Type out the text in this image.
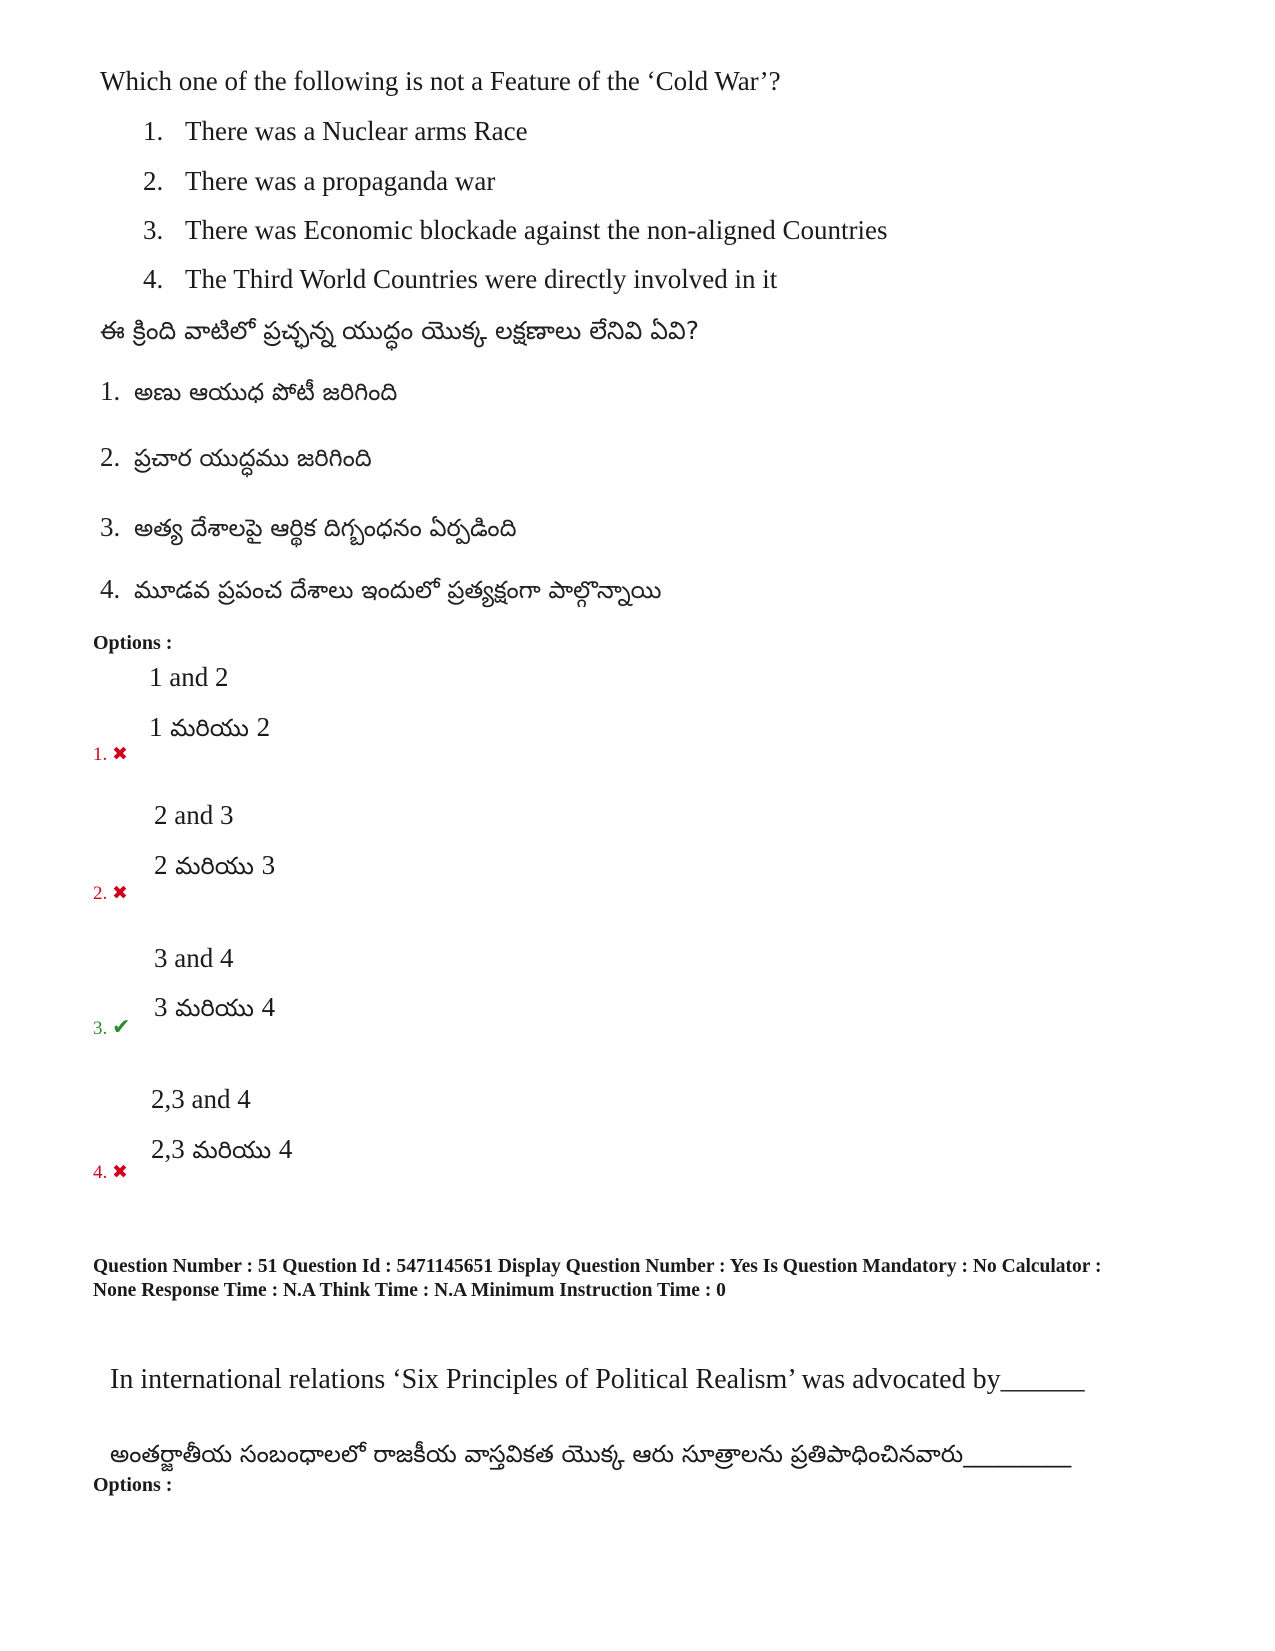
Which one of the following is not a Feature of the ‘Cold War’?
1. There was a Nuclear arms Race
2. There was a propaganda war
3. There was Economic blockade against the non-aligned Countries
4. The Third World Countries were directly involved in it
ఈ క్రింది వాటిలో ప్రచ్ఛన్న యుద్ధం యొక్క లక్షణాలు లేనివి ఏవి?
1. అణు ఆయుధ పోటీ జరిగింది
2. ప్రచార యుద్ధము జరిగింది
3. అత్య దేశాలపై ఆర్థిక దిగ్బంధనం ఏర్పడింది
4. మూడవ ప్రపంచ దేశాలు ఇందులో ప్రత్యక్షంగా పాల్గొన్నాయి
Options :
1 and 2
1 మరియు 2
1. ✖
2 and 3
2 మరియు 3
2. ✖
3 and 4
3 మరియు 4
3. ✔
2,3 and 4
2,3 మరియు 4
4. ✖
Question Number : 51 Question Id : 5471145651 Display Question Number : Yes Is Question Mandatory : No Calculator :
None Response Time : N.A Think Time : N.A Minimum Instruction Time : 0
In international relations ‘Six Principles of Political Realism’ was advocated by______
అంతర్జాతీయ సంబంధాలలో రాజకీయ వాస్తవికత యొక్క ఆరు సూత్రాలను ప్రతిపాధించినవారు_________
Options :
